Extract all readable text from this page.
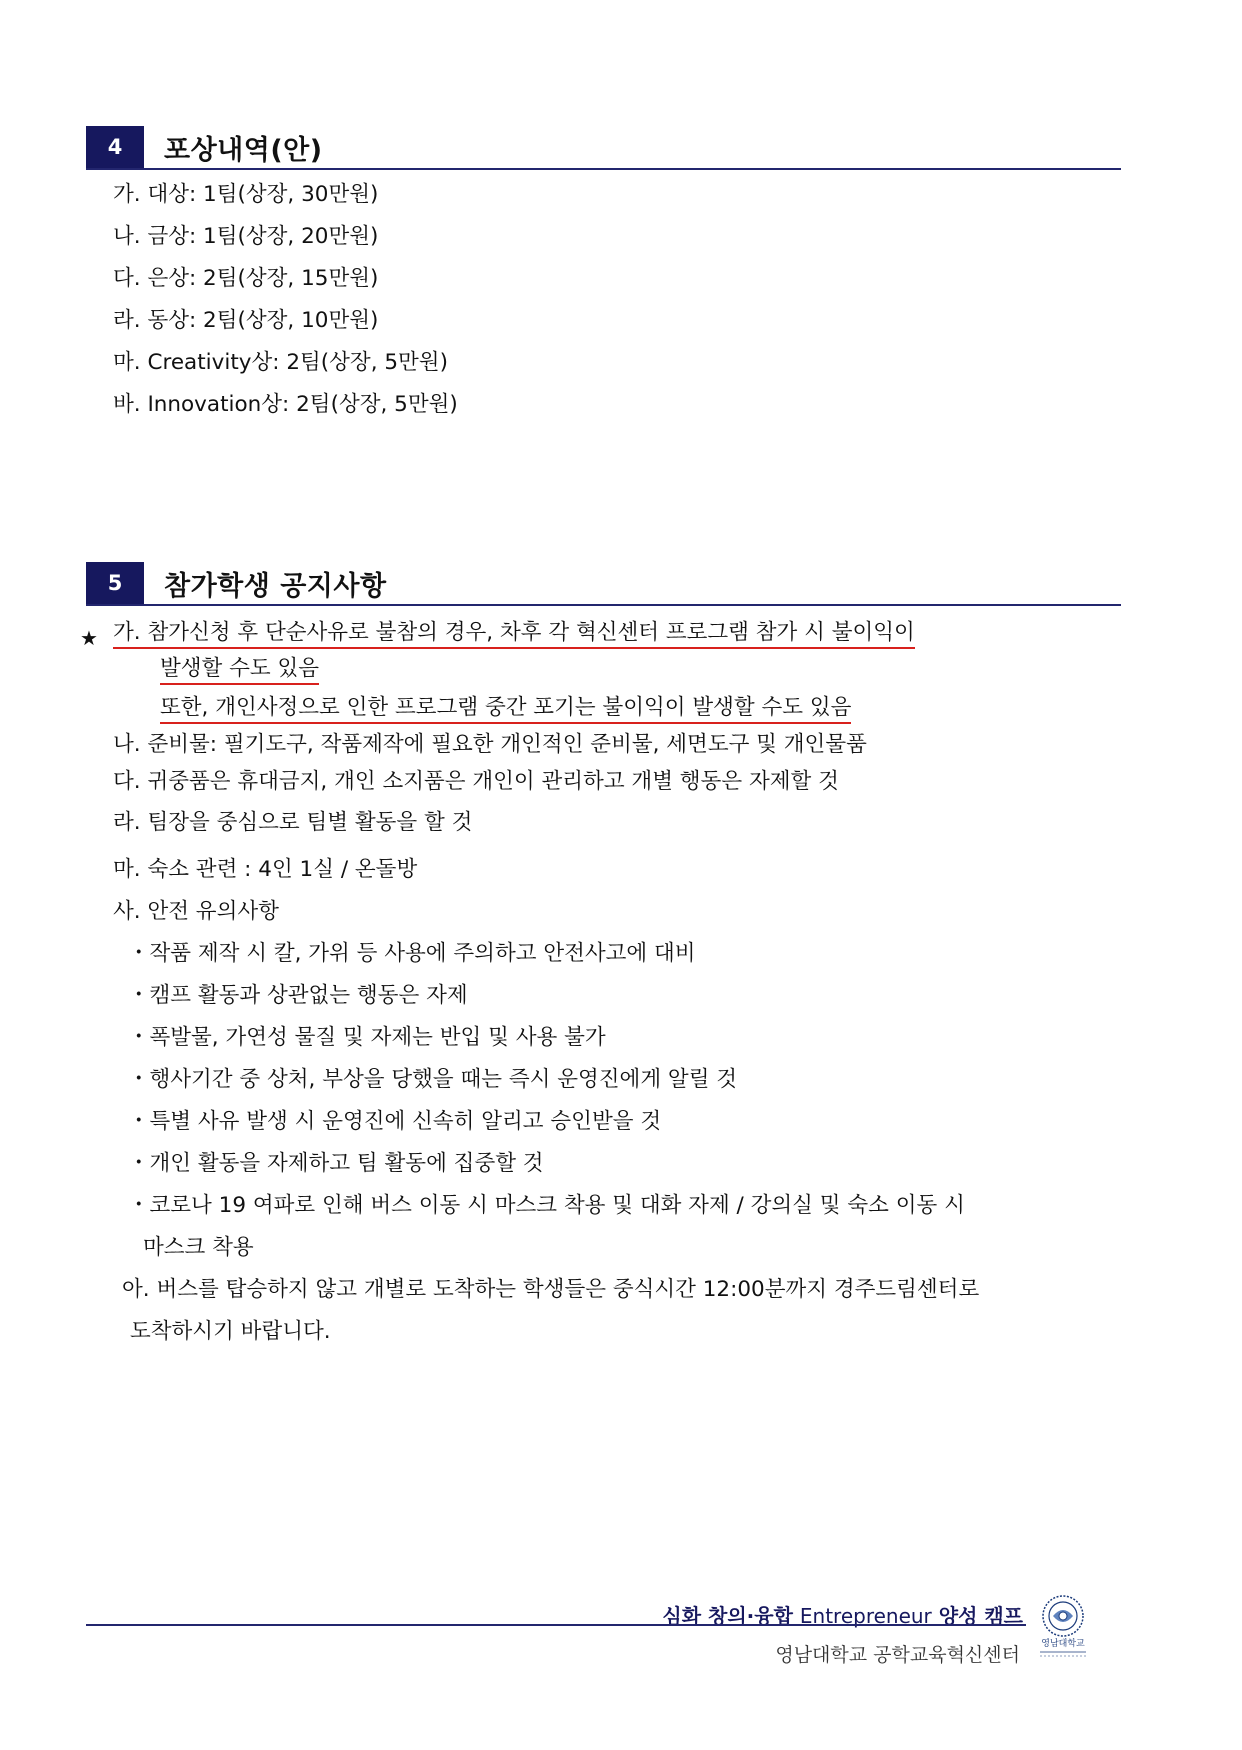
4	포상내역(안)
가. 대상: 1팀(상장, 30만원)
나. 금상: 1팀(상장, 20만원)
다. 은상: 2팀(상장, 15만원)
라. 동상: 2팀(상장, 10만원)
마. Creativity상: 2팀(상장, 5만원)
바. Innovation상: 2팀(상장, 5만원)
5	참가학생 공지사항
★ 가. 참가신청 후 단순사유로 불참의 경우, 차후 각 혁신센터 프로그램 참가 시 불이익이
발생할 수도 있음
또한, 개인사정으로 인한 프로그램 중간 포기는 불이익이 발생할 수도 있음
나. 준비물: 필기도구, 작품제작에 필요한 개인적인 준비물, 세면도구 및 개인물품
다. 귀중품은 휴대금지, 개인 소지품은 개인이 관리하고 개별 행동은 자제할 것
라. 팀장을 중심으로 팀별 활동을 할 것
마. 숙소 관련 : 4인 1실 / 온돌방
사. 안전 유의사항
・작품 제작 시 칼, 가위 등 사용에 주의하고 안전사고에 대비
・캠프 활동과 상관없는 행동은 자제
・폭발물, 가연성 물질 및 자제는 반입 및 사용 불가
・행사기간 중 상처, 부상을 당했을 때는 즉시 운영진에게 알릴 것
・특별 사유 발생 시 운영진에 신속히 알리고 승인받을 것
・개인 활동을 자제하고 팀 활동에 집중할 것
・코로나 19 여파로 인해 버스 이동 시 마스크 착용 및 대화 자제 / 강의실 및 숙소 이동 시
마스크 착용
아. 버스를 탑승하지 않고 개별로 도착하는 학생들은 중식시간 12:00분까지 경주드림센터로
도착하시기 바랍니다.
심화 창의·융합 Entrepreneur 양성 캠프
영남대학교 공학교육혁신센터 영남대학교
